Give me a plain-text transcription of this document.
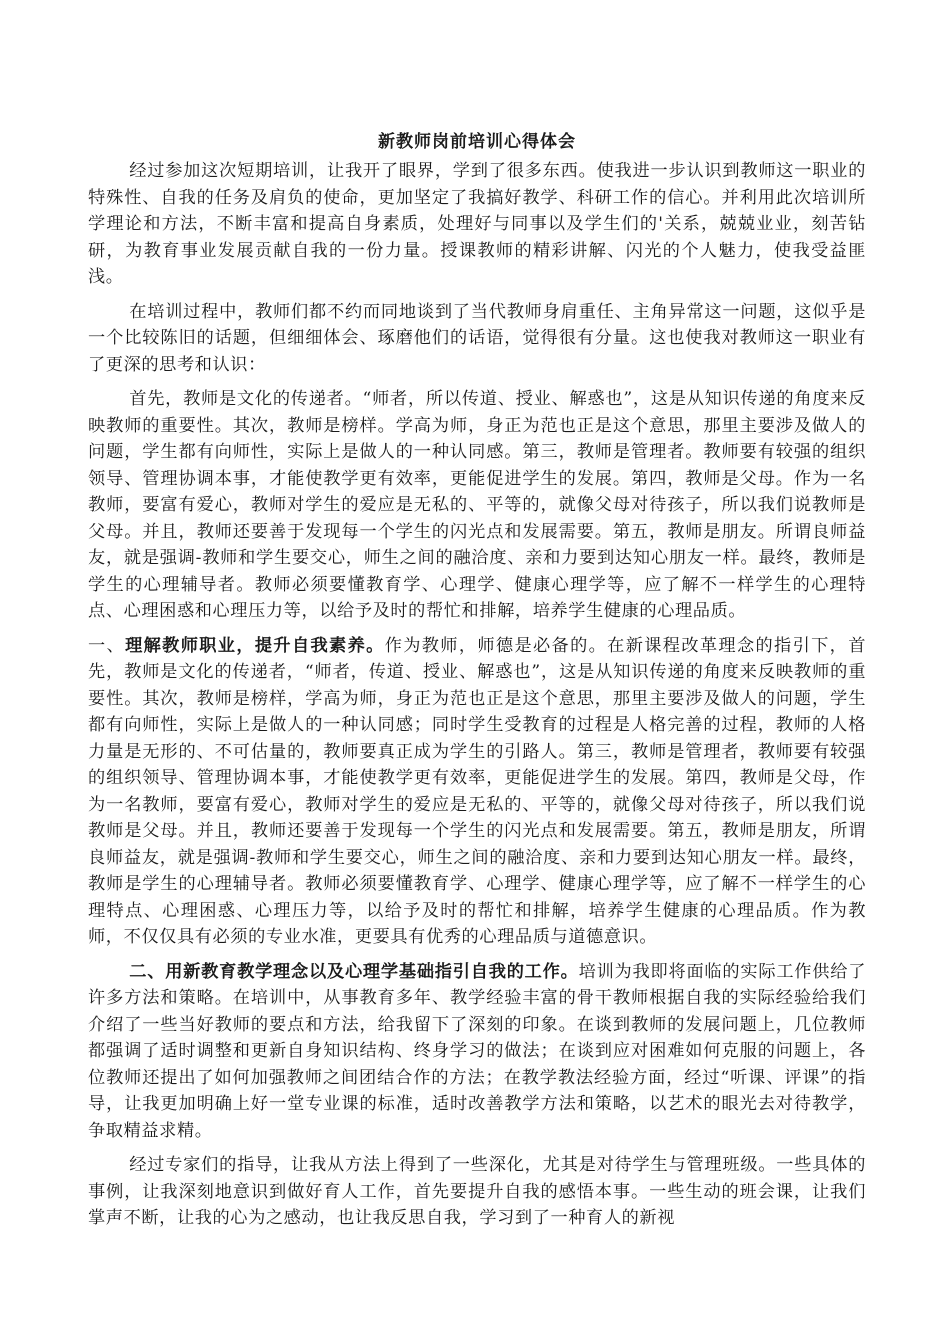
新教师岗前培训心得体会

经过参加这次短期培训，让我开了眼界，学到了很多东西。使我进一步认识到教师这一职业的特殊性、自我的任务及肩负的使命，更加坚定了我搞好教学、科研工作的信心。并利用此次培训所学理论和方法，不断丰富和提高自身素质，处理好与同事以及学生们的'关系，兢兢业业，刻苦钻研，为教育事业发展贡献自我的一份力量。授课教师的精彩讲解、闪光的个人魅力，使我受益匪浅。

在培训过程中，教师们都不约而同地谈到了当代教师身肩重任、主角异常这一问题，这似乎是一个比较陈旧的话题，但细细体会、琢磨他们的话语，觉得很有分量。这也使我对教师这一职业有了更深的思考和认识：

首先，教师是文化的传递者。“师者，所以传道、授业、解惑也”，这是从知识传递的角度来反映教师的重要性。其次，教师是榜样。学高为师，身正为范也正是这个意思，那里主要涉及做人的问题，学生都有向师性，实际上是做人的一种认同感。第三，教师是管理者。教师要有较强的组织领导、管理协调本事，才能使教学更有效率，更能促进学生的发展。第四，教师是父母。作为一名教师，要富有爱心，教师对学生的爱应是无私的、平等的，就像父母对待孩子，所以我们说教师是父母。并且，教师还要善于发现每一个学生的闪光点和发展需要。第五，教师是朋友。所谓良师益友，就是强调-教师和学生要交心，师生之间的融洽度、亲和力要到达知心朋友一样。最终，教师是学生的心理辅导者。教师必须要懂教育学、心理学、健康心理学等，应了解不一样学生的心理特点、心理困惑和心理压力等，以给予及时的帮忙和排解，培养学生健康的心理品质。

一、理解教师职业，提升自我素养。作为教师，师德是必备的。在新课程改革理念的指引下，首先，教师是文化的传递者，“师者，传道、授业、解惑也”，这是从知识传递的角度来反映教师的重要性。其次，教师是榜样，学高为师，身正为范也正是这个意思，那里主要涉及做人的问题，学生都有向师性，实际上是做人的一种认同感；同时学生受教育的过程是人格完善的过程，教师的人格力量是无形的、不可估量的，教师要真正成为学生的引路人。第三，教师是管理者，教师要有较强的组织领导、管理协调本事，才能使教学更有效率，更能促进学生的发展。第四，教师是父母，作为一名教师，要富有爱心，教师对学生的爱应是无私的、平等的，就像父母对待孩子，所以我们说教师是父母。并且，教师还要善于发现每一个学生的闪光点和发展需要。第五，教师是朋友，所谓良师益友，就是强调-教师和学生要交心，师生之间的融洽度、亲和力要到达知心朋友一样。最终，教师是学生的心理辅导者。教师必须要懂教育学、心理学、健康心理学等，应了解不一样学生的心理特点、心理困惑、心理压力等，以给予及时的帮忙和排解，培养学生健康的心理品质。作为教师，不仅仅具有必须的专业水准，更要具有优秀的心理品质与道德意识。

二、用新教育教学理念以及心理学基础指引自我的工作。培训为我即将面临的实际工作供给了许多方法和策略。在培训中，从事教育多年、教学经验丰富的骨干教师根据自我的实际经验给我们介绍了一些当好教师的要点和方法，给我留下了深刻的印象。在谈到教师的发展问题上，几位教师都强调了适时调整和更新自身知识结构、终身学习的做法；在谈到应对困难如何克服的问题上，各位教师还提出了如何加强教师之间团结合作的方法；在教学教法经验方面，经过“听课、评课”的指导，让我更加明确上好一堂专业课的标准，适时改善教学方法和策略，以艺术的眼光去对待教学，争取精益求精。

经过专家们的指导，让我从方法上得到了一些深化，尤其是对待学生与管理班级。一些具体的事例，让我深刻地意识到做好育人工作，首先要提升自我的感悟本事。一些生动的班会课，让我们掌声不断，让我的心为之感动，也让我反思自我，学习到了一种育人的新视
